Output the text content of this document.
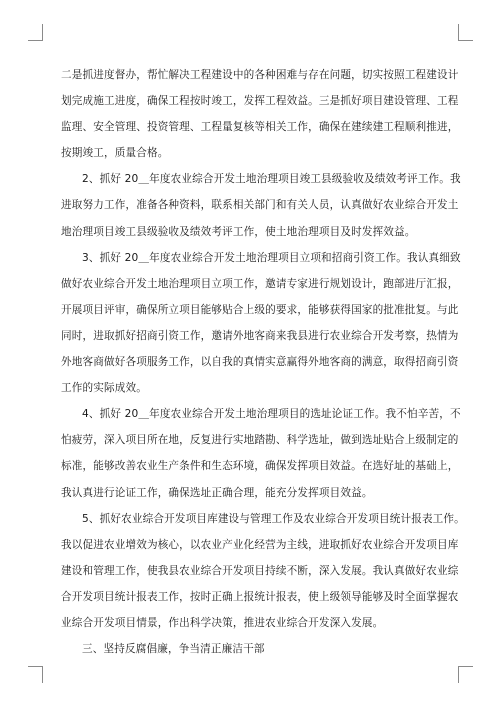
二是抓进度督办，帮忙解决工程建设中的各种困难与存在问题，切实按照工程建设计
划完成施工进度，确保工程按时竣工，发挥工程效益。三是抓好项目建设管理、工程
监理、安全管理、投资管理、工程量复核等相关工作，确保在建续建工程顺利推进，
按期竣工，质量合格。
2、抓好 20＿年度农业综合开发土地治理项目竣工县级验收及绩效考评工作。我
进取努力工作，准备各种资料，联系相关部门和有关人员，认真做好农业综合开发土
地治理项目竣工县级验收及绩效考评工作，使土地治理项目及时发挥效益。
3、抓好 20＿年度农业综合开发土地治理项目立项和招商引资工作。我认真细致
做好农业综合开发土地治理项目立项工作，邀请专家进行规划设计，跑部进厅汇报，
开展项目评审，确保所立项目能够贴合上级的要求，能够获得国家的批准批复。与此
同时，进取抓好招商引资工作，邀请外地客商来我县进行农业综合开发考察，热情为
外地客商做好各项服务工作，以自我的真情实意赢得外地客商的满意，取得招商引资
工作的实际成效。
4、抓好 20＿年度农业综合开发土地治理项目的选址论证工作。我不怕辛苦，不
怕疲劳，深入项目所在地，反复进行实地踏勘、科学选址，做到选址贴合上级制定的
标准，能够改善农业生产条件和生态环境，确保发挥项目效益。在选好址的基础上，
我认真进行论证工作，确保选址正确合理，能充分发挥项目效益。
5、抓好农业综合开发项目库建设与管理工作及农业综合开发项目统计报表工作。
我以促进农业增效为核心，以农业产业化经营为主线，进取抓好农业综合开发项目库
建设和管理工作，使我县农业综合开发项目持续不断，深入发展。我认真做好农业综
合开发项目统计报表工作，按时正确上报统计报表，使上级领导能够及时全面掌握农
业综合开发项目情景，作出科学决策，推进农业综合开发深入发展。
三、坚持反腐倡廉，争当清正廉洁干部
